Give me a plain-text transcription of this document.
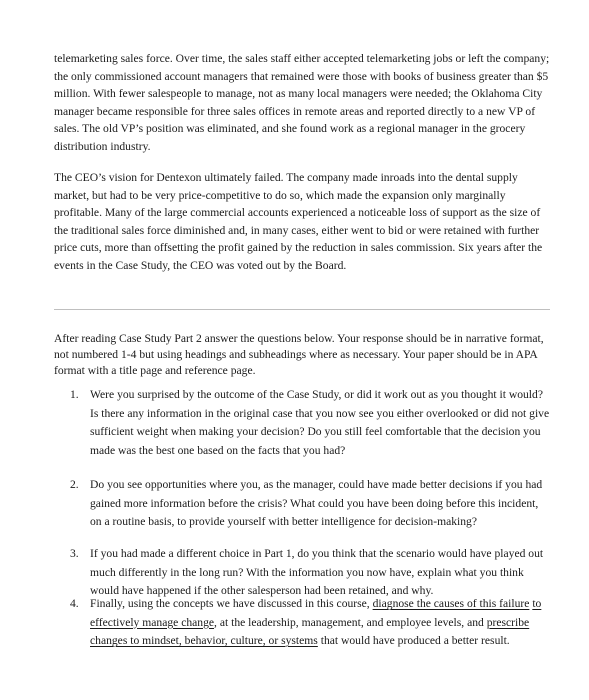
telemarketing sales force. Over time, the sales staff either accepted telemarketing jobs or left the company; the only commissioned account managers that remained were those with books of business greater than $5 million. With fewer salespeople to manage, not as many local managers were needed; the Oklahoma City manager became responsible for three sales offices in remote areas and reported directly to a new VP of sales. The old VP’s position was eliminated, and she found work as a regional manager in the grocery distribution industry.

The CEO’s vision for Dentexon ultimately failed. The company made inroads into the dental supply market, but had to be very price-competitive to do so, which made the expansion only marginally profitable. Many of the large commercial accounts experienced a noticeable loss of support as the size of the traditional sales force diminished and, in many cases, either went to bid or were retained with further price cuts, more than offsetting the profit gained by the reduction in sales commission. Six years after the events in the Case Study, the CEO was voted out by the Board.

After reading Case Study Part 2 answer the questions below. Your response should be in narrative format, not numbered 1-4 but using headings and subheadings where as necessary. Your paper should be in APA format with a title page and reference page.

1. Were you surprised by the outcome of the Case Study, or did it work out as you thought it would? Is there any information in the original case that you now see you either overlooked or did not give sufficient weight when making your decision? Do you still feel comfortable that the decision you made was the best one based on the facts that you had?
2. Do you see opportunities where you, as the manager, could have made better decisions if you had gained more information before the crisis? What could you have been doing before this incident, on a routine basis, to provide yourself with better intelligence for decision-making?
3. If you had made a different choice in Part 1, do you think that the scenario would have played out much differently in the long run? With the information you now have, explain what you think would have happened if the other salesperson had been retained, and why.
4. Finally, using the concepts we have discussed in this course, diagnose the causes of this failure to effectively manage change, at the leadership, management, and employee levels, and prescribe changes to mindset, behavior, culture, or systems that would have produced a better result.
